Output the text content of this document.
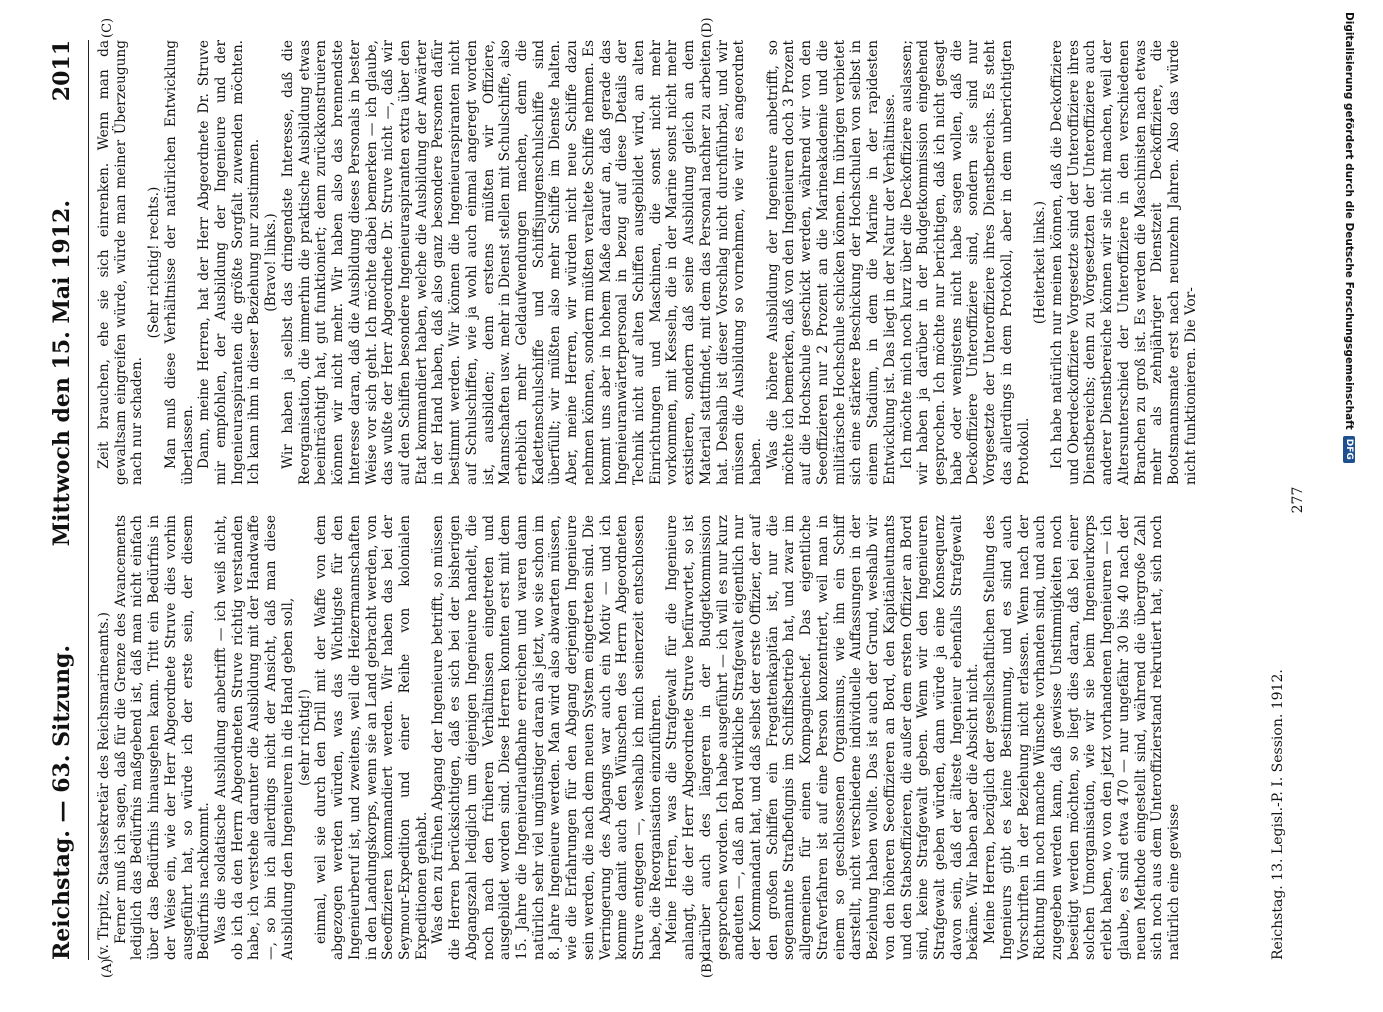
Reichstag. — 63. Sitzung.
Mittwoch den 15. Mai 1912.
2011
(A)	(B)
(C)	(D)

(v. Tirpitz, Staatssekretär des Reichsmarineamts.) Ferner muß ich sagen, daß für die Grenze des Avancements lediglich das Bedürfnis maßgebend ist, daß man nicht einfach über das Bedürfnis hinausgehen kann. Tritt ein Bedürfnis in der Weise ein, wie der Herr Abgeordnete Struve dies vorhin ausgeführt hat, so würde ich der erste sein, der diesem Bedürfnis nachkommt. Was die soldatische Ausbildung anbetrifft — ich weiß nicht, ob ich da den Herrn Abgeordneten Struve richtig verstanden habe, ich verstehe darunter die Ausbildung mit der Handwaffe —, so bin ich allerdings nicht der Ansicht, daß man diese Ausbildung den Ingenieuren in die Hand geben soll, (sehr richtig!) einmal, weil sie durch den Drill mit der Waffe von dem abgezogen werden würden, was das Wichtigste für den Ingenieurberuf ist, und zweitens, weil die Heizermannschaften in den Landungskorps, wenn sie an Land gebracht werden, von Seeoffizieren kommandiert werden. Wir haben das bei der Seymour-Expedition und einer Reihe von kolonialen Expeditionen gehabt. Was den zu frühen Abgang der Ingenieure betrifft, so müssen die Herren berücksichtigen, daß es sich bei der bisherigen Abgangszahl lediglich um diejenigen Ingenieure handelt, die noch nach den früheren Verhältnissen eingetreten und ausgebildet worden sind. Diese Herren konnten erst mit dem 15. Jahre die Ingenieurlaufbahne erreichen und waren dann natürlich sehr viel ungünstiger daran als jetzt, wo sie schon im 8. Jahre Ingenieure werden. Man wird also abwarten müssen, wie die Erfahrungen für den Abgang derjenigen Ingenieure sein werden, die nach dem neuen System eingetreten sind. Die Verringerung des Abgangs war auch ein Motiv — und ich komme damit auch den Wünschen des Herrn Abgeordneten Struve entgegen —, weshalb ich mich seinerzeit entschlossen habe, die Reorganisation einzuführen. Meine Herren, was die Strafgewalt für die Ingenieure anlangt, die der Herr Abgeordnete Struve befürwortet, so ist darüber auch des längeren in der Budgetkommission gesprochen worden. Ich habe ausgeführt — ich will es nur kurz andeuten —, daß an Bord wirkliche Strafgewalt eigentlich nur der Kommandant hat, und daß selbst der erste Offizier, der auf den großen Schiffen ein Fregattenkapitän ist, nur die sogenannte Strafbefugnis im Schiffsbetrieb hat, und zwar im allgemeinen für einen Kompagniechef. Das eigentliche Strafverfahren ist auf eine Person konzentriert, weil man in einem so geschlossenen Organismus, wie ihn ein Schiff darstellt, nicht verschiedene individuelle Auffassungen in der Beziehung haben wollte. Das ist auch der Grund, weshalb wir von den höheren Seeoffizieren an Bord, den Kapitänleutnants und den Stabsoffizieren, die außer dem ersten Offizier an Bord sind, keine Strafgewalt geben. Wenn wir den Ingenieuren Strafgewalt geben würden, dann würde ja eine Konsequenz davon sein, daß der älteste Ingenieur ebenfalls Strafgewalt bekäme. Wir haben aber die Absicht nicht. Meine Herren, bezüglich der gesellschaftlichen Stellung des Ingenieurs gibt es keine Bestimmung, und es sind auch Vorschriften in der Beziehung nicht erlassen. Wenn nach der Richtung hin noch manche Wünsche vorhanden sind, und auch zugegeben werden kann, daß gewisse Unstimmigkeiten noch beseitigt werden möchten, so liegt dies daran, daß bei einer solchen Umorganisation, wie wir sie beim Ingenieurkorps erlebt haben, wo von den jetzt vorhandenen Ingenieuren — ich glaube, es sind etwa 470 — nur ungefähr 30 bis 40 nach der neuen Methode eingestellt sind, während die übergroße Zahl sich noch aus dem Unteroffizierstand rekrutiert hat, sich noch natürlich eine gewisse

Zeit brauchen, ehe sie sich einrenken. Wenn man da gewaltsam eingreifen würde, würde man meiner Überzeugung nach nur schaden.

(Sehr richtig! rechts.) Man muß diese Verhältnisse der natürlichen Entwicklung überlassen. Dann, meine Herren, hat der Herr Abgeordnete Dr. Struve mir empfohlen, der Ausbildung der Ingenieure und der Ingenieuraspiranten die größte Sorgfalt zuwenden möchten. Ich kann ihm in dieser Beziehung nur zustimmen. (Bravo! links.) Wir haben ja selbst das dringendste Interesse, daß die Reorganisation, die immerhin die praktische Ausbildung etwas beeinträchtigt hat, gut funktioniert; denn zurückkonstruieren können wir nicht mehr. Wir haben also das brennendste Interesse daran, daß die Ausbildung dieses Personals in bester Weise vor sich geht. Ich möchte dabei bemerken — ich glaube, das wußte der Herr Abgeordnete Dr. Struve nicht —, daß wir auf den Schiffen besondere Ingenieuraspiranten extra über den Etat kommandiert haben, welche die Ausbildung der Anwärter in der Hand haben, daß also ganz besondere Personen dafür bestimmt werden. Wir können die Ingenieuraspiranten nicht auf Schulschiffen, wie ja wohl auch einmal angeregt worden ist, ausbilden; denn erstens müßten wir Offiziere, Mannschaften usw. mehr in Dienst stellen mit Schulschiffe, also erheblich mehr Geldaufwendungen machen, denn die Kadettenschulschiffe und Schiffsjungenschulschiffe sind überfüllt; wir müßten also mehr Schiffe im Dienste halten. Aber, meine Herren, wir würden nicht neue Schiffe dazu nehmen können, sondern müßten veraltete Schiffe nehmen. Es kommt uns aber in hohem Maße darauf an, daß gerade das Ingenieuranwärterpersonal in bezug auf diese Details der Technik nicht auf alten Schiffen ausgebildet wird, an alten Einrichtungen und Maschinen, die sonst nicht mehr vorkommen, mit Kesseln, die in der Marine sonst nicht mehr existieren, sondern daß seine Ausbildung gleich an dem Material stattfindet, mit dem das Personal nachher zu arbeiten hat. Deshalb ist dieser Vorschlag nicht durchführbar, und wir müssen die Ausbildung so vornehmen, wie wir es angeordnet haben. Was die höhere Ausbildung der Ingenieure anbetrifft, so möchte ich bemerken, daß von den Ingenieuren doch 3 Prozent auf die Hochschule geschickt werden, während wir von den Seeoffizieren nur 2 Prozent an die Marineakademie und die militärische Hochschule schicken können. Im übrigen verbietet sich eine stärkere Beschickung der Hochschulen von selbst in einem Stadium, in dem die Marine in der rapidesten Entwicklung ist. Das liegt in der Natur der Verhältnisse. Ich möchte mich noch kurz über die Deckoffiziere auslassen; wir haben ja darüber in der Budgetkommission eingehend gesprochen. Ich möchte nur berichtigen, daß ich nicht gesagt habe oder wenigstens nicht habe sagen wollen, daß die Deckoffiziere Unteroffiziere sind, sondern sie sind nur Vorgesetzte der Unteroffiziere ihres Dienstbereichs. Es steht das allerdings in dem Protokoll, aber in dem unberichtigten Protokoll.

(Heiterkeit links.) Ich habe natürlich nur meinen können, daß die Deckoffiziere und Oberdeckoffiziere Vorgesetzte sind der Unteroffiziere ihres Dienstbereichs; denn zu Vorgesetzten der Unteroffiziere auch anderer Dienstbereiche können wir sie nicht machen, weil der Altersunterschied der Unteroffiziere in den verschiedenen Branchen zu groß ist. Es werden die Maschinisten nach etwas mehr als zehnjähriger Dienstzeit Deckoffiziere, die Bootsmannsmate erst nach neunzehn Jahren. Also das würde nicht funktionieren. Die Vor-

Reichstag. 13. Legisl.-P. I. Session. 1912.
277
Digitalisierung gefördert durch die Deutsche Forschungsgemeinschaft
DFG
